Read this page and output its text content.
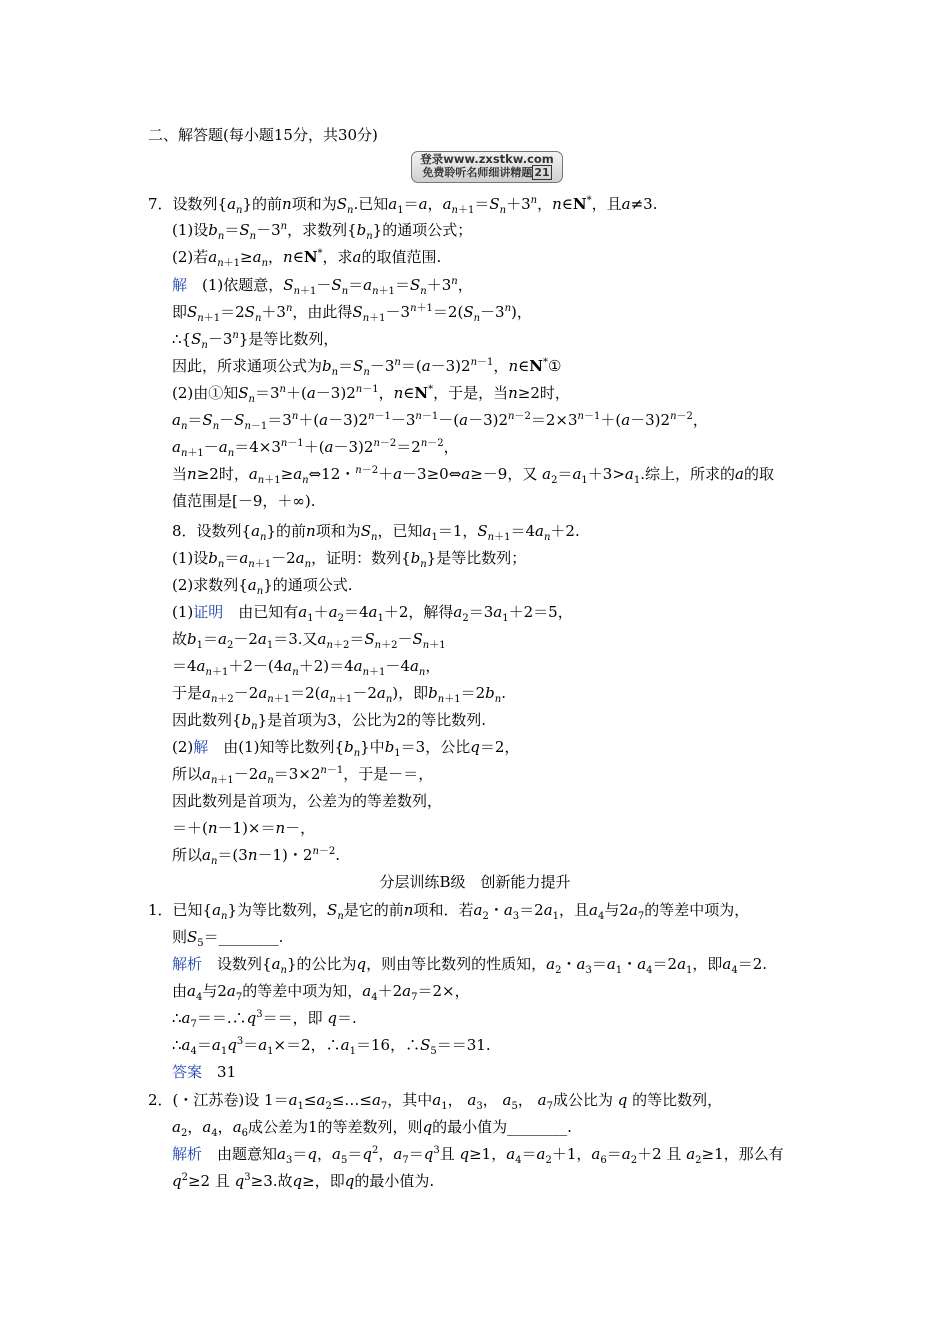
二、解答题(每小题15分，共30分)
登录www.zxstkw.com
免费聆听名师细讲精题 21
7．设数列$\{a_n\}$的前n项和为$S_n$.已知$a_1=a$，$a_{n+1}=S_n+3^n$，n∈N*，且a≠3.
(1)设$b_n=S_n-3^n$，求数列$\{b_n\}$的通项公式；
(2)若$a_{n+1}\ge a_n$，n∈N*，求a的取值范围.
解　 (1)依题意，$S_{n+1}-S_n=a_{n+1}=S_n+3^n$，
即$S_{n+1}=2S_n+3^n$，由此得$S_{n+1}-3^{n+1}=2(S_n-3^n)$，
$\therefore\{S_n-3^n\}$是等比数列，
因此，所求通项公式为$b_n=S_n-3^n=(a-3)2^{n-1}$，n∈N*①
(2)由①知$S_n=3^n+(a-3)2^{n-1}$，n∈N*，于是，当n≥2时，
$a_n=S_n-S_{n-1}=3^n+(a-3)2^{n-1}-3^{n-1}-(a-3)2^{n-2}=2\times 3^{n-1}+(a-3)2^{n-2}$，
$a_{n+1}-a_n=4\times 3^{n-1}+(a-3)2^{n-2}=2^{n-2}$，
当n≥2时，$a_{n+1}\ge a_n\Leftrightarrow 12$・$^{n-2}$＋a－3≥0⇔a≥－9，又 $a_2=a_1+3>a_1$.综上，所求的a的取
值范围是[－9，＋∞).
8．设数列$\{a_n\}$的前n项和为$S_n$，已知$a_1=1$，$S_{n+1}=4a_n+2$.
(1)设$b_n=a_{n+1}-2a_n$，证明：数列$\{b_n\}$是等比数列；
(2)求数列$\{a_n\}$的通项公式.
(1)证明　 由已知有$a_1+a_2=4a_1+2$，解得$a_2=3a_1+2=5$，
故$b_1=a_2-2a_1=3$.又$a_{n+2}=S_{n+2}-S_{n+1}$
$=4a_{n+1}+2-(4a_n+2)=4a_{n+1}-4a_n$，
于是$a_{n+2}-2a_{n+1}=2(a_{n+1}-2a_n)$，即$b_{n+1}=2b_n$.
因此数列$\{b_n\}$是首项为3，公比为2的等比数列.
(2)解　 由(1)知等比数列$\{b_n\}$中$b_1=3$，公比q＝2，
所以$a_{n+1}-2a_n=3\times 2^{n-1}$，于是－＝，
因此数列是首项为，公差为的等差数列，
＝＋(n－1)×＝n－，
所以$a_n=(3n-1)$・$2^{n-2}$.
分层训练B级　创新能力提升
1．已知$\{a_n\}$为等比数列，$S_n$是它的前n项和．若$a_2$・$a_3=2a_1$，且$a_4$与$2a_7$的等差中项为，
则$S_5=\_\_\_\_\_\_\_\_$.
解析　 设数列$\{a_n\}$的公比为q，则由等比数列的性质知，$a_2$・$a_3=a_1$・$a_4=2a_1$，即$a_4=2$.
由$a_4$与$2a_7$的等差中项为知，$a_4+2a_7=2\times$，
$\therefore a_7==.\therefore q^3==$，即 q＝.
$\therefore a_4=a_1q^3=a_1\times=2$，$\therefore a_1=16$，$\therefore S_5==31$.
答案　 31
2．(・江苏卷)设 $1=a_1\le a_2\le\dots\le a_7$，其中$a_1$， $a_3$， $a_5$， $a_7$成公比为 q 的等比数列，
$a_2$，$a_4$，$a_6$成公差为1的等差数列，则q的最小值为________.
解析　 由题意知$a_3=q$，$a_5=q^2$，$a_7=q^3$且 q≥1，$a_4=a_2+1$，$a_6=a_2+2$ 且 $a_2\ge 1$，那么有
$q^2\ge 2$ 且 $q^3\ge 3$.故q≥，即q的最小值为.
